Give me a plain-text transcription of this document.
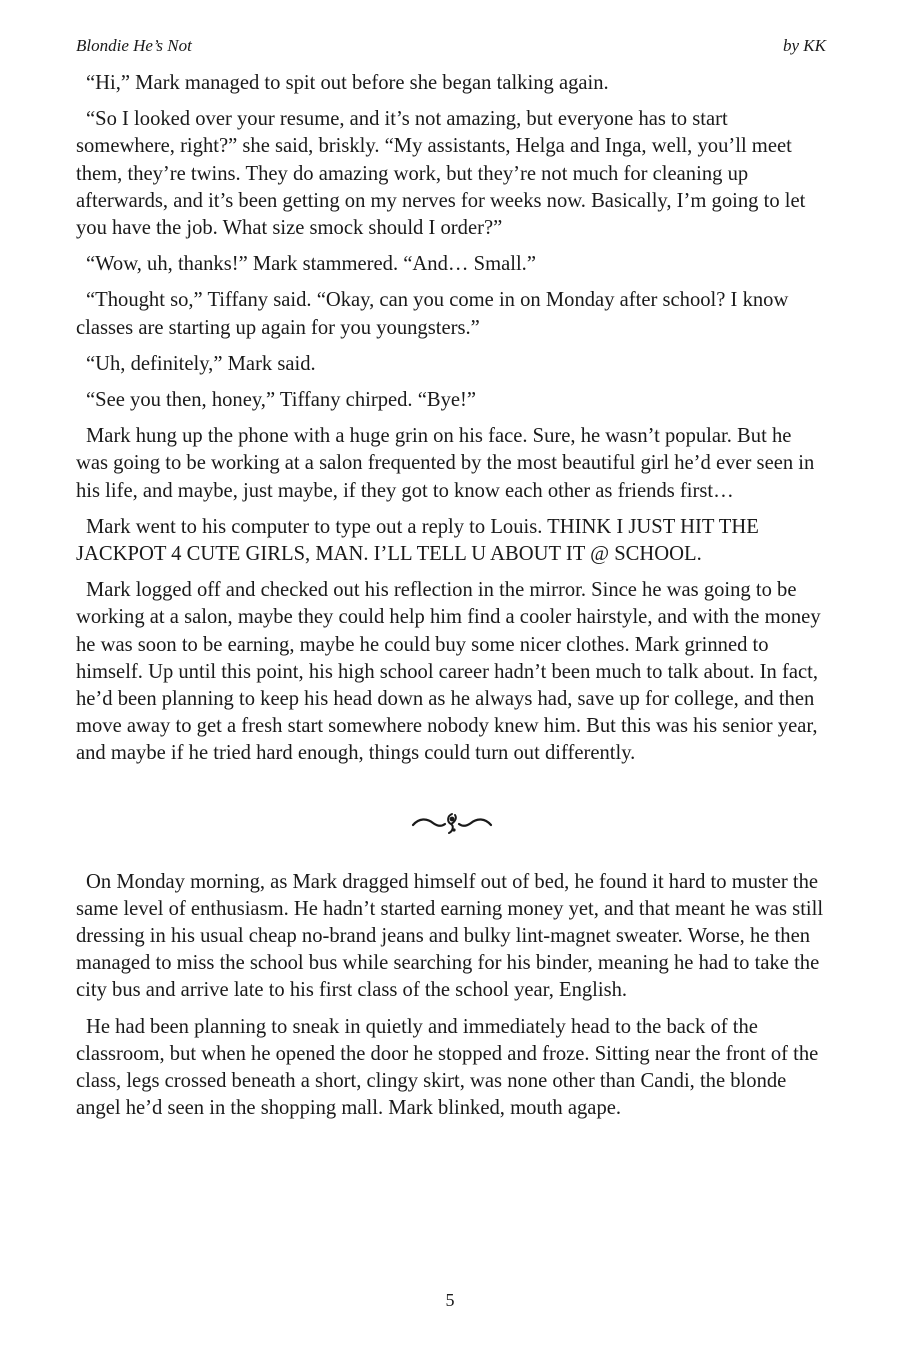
Blondie He’s Not	by KK

“Hi,” Mark managed to spit out before she began talking again.

“So I looked over your resume, and it’s not amazing, but everyone has to start somewhere, right?” she said, briskly. “My assistants, Helga and Inga, well, you’ll meet them, they’re twins. They do amazing work, but they’re not much for cleaning up afterwards, and it’s been getting on my nerves for weeks now. Basically, I’m going to let you have the job. What size smock should I order?”

“Wow, uh, thanks!” Mark stammered. “And… Small.”

“Thought so,” Tiffany said. “Okay, can you come in on Monday after school? I know classes are starting up again for you youngsters.”

“Uh, definitely,” Mark said.

“See you then, honey,” Tiffany chirped. “Bye!”

Mark hung up the phone with a huge grin on his face. Sure, he wasn’t popular. But he was going to be working at a salon frequented by the most beautiful girl he’d ever seen in his life, and maybe, just maybe, if they got to know each other as friends first…

Mark went to his computer to type out a reply to Louis. THINK I JUST HIT THE JACKPOT 4 CUTE GIRLS, MAN. I’LL TELL U ABOUT IT @ SCHOOL.

Mark logged off and checked out his reflection in the mirror. Since he was going to be working at a salon, maybe they could help him find a cooler hairstyle, and with the money he was soon to be earning, maybe he could buy some nicer clothes. Mark grinned to himself. Up until this point, his high school career hadn’t been much to talk about. In fact, he’d been planning to keep his head down as he always had, save up for college, and then move away to get a fresh start somewhere nobody knew him. But this was his senior year, and maybe if he tried hard enough, things could turn out differently.

On Monday morning, as Mark dragged himself out of bed, he found it hard to muster the same level of enthusiasm. He hadn’t started earning money yet, and that meant he was still dressing in his usual cheap no-brand jeans and bulky lint-magnet sweater. Worse, he then managed to miss the school bus while searching for his binder, meaning he had to take the city bus and arrive late to his first class of the school year, English.

He had been planning to sneak in quietly and immediately head to the back of the classroom, but when he opened the door he stopped and froze. Sitting near the front of the class, legs crossed beneath a short, clingy skirt, was none other than Candi, the blonde angel he’d seen in the shopping mall. Mark blinked, mouth agape.

5
